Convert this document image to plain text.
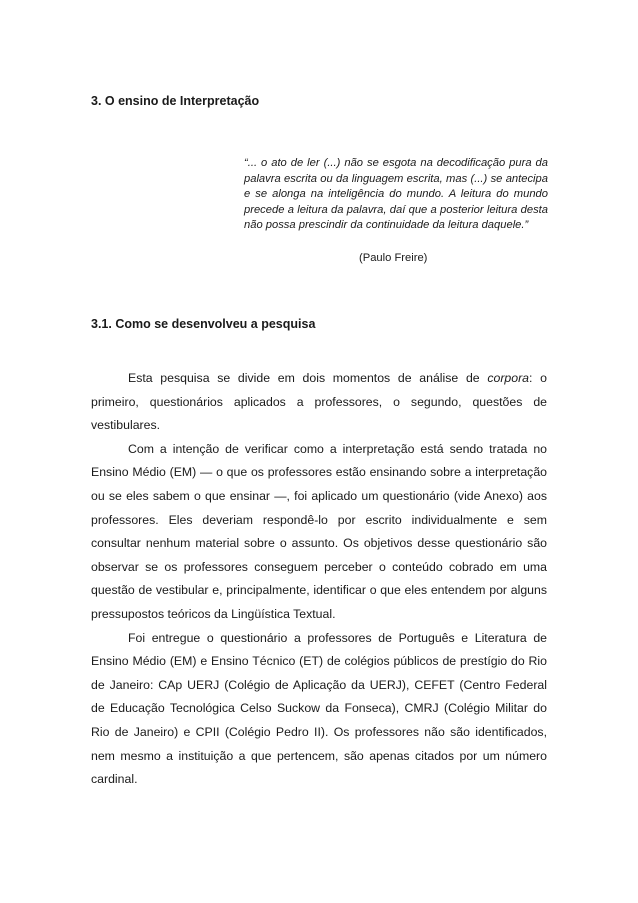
3. O ensino de Interpretação

“... o ato de ler (...) não se esgota na decodificação pura da palavra escrita ou da linguagem escrita, mas (...) se antecipa e se alonga na inteligência do mundo. A leitura do mundo precede a leitura da palavra, daí que a posterior leitura desta não possa prescindir da continuidade da leitura daquele.”

(Paulo Freire)

3.1. Como se desenvolveu a pesquisa

Esta pesquisa se divide em dois momentos de análise de corpora: o primeiro, questionários aplicados a professores, o segundo, questões de vestibulares.

Com a intenção de verificar como a interpretação está sendo tratada no Ensino Médio (EM) — o que os professores estão ensinando sobre a interpretação ou se eles sabem o que ensinar —, foi aplicado um questionário (vide Anexo) aos professores. Eles deveriam respondê-lo por escrito individualmente e sem consultar nenhum material sobre o assunto. Os objetivos desse questionário são observar se os professores conseguem perceber o conteúdo cobrado em uma questão de vestibular e, principalmente, identificar o que eles entendem por alguns pressupostos teóricos da Lingüística Textual.

Foi entregue o questionário a professores de Português e Literatura de Ensino Médio (EM) e Ensino Técnico (ET) de colégios públicos de prestígio do Rio de Janeiro: CAp UERJ (Colégio de Aplicação da UERJ), CEFET (Centro Federal de Educação Tecnológica Celso Suckow da Fonseca), CMRJ (Colégio Militar do Rio de Janeiro) e CPII (Colégio Pedro II). Os professores não são identificados, nem mesmo a instituição a que pertencem, são apenas citados por um número cardinal.
